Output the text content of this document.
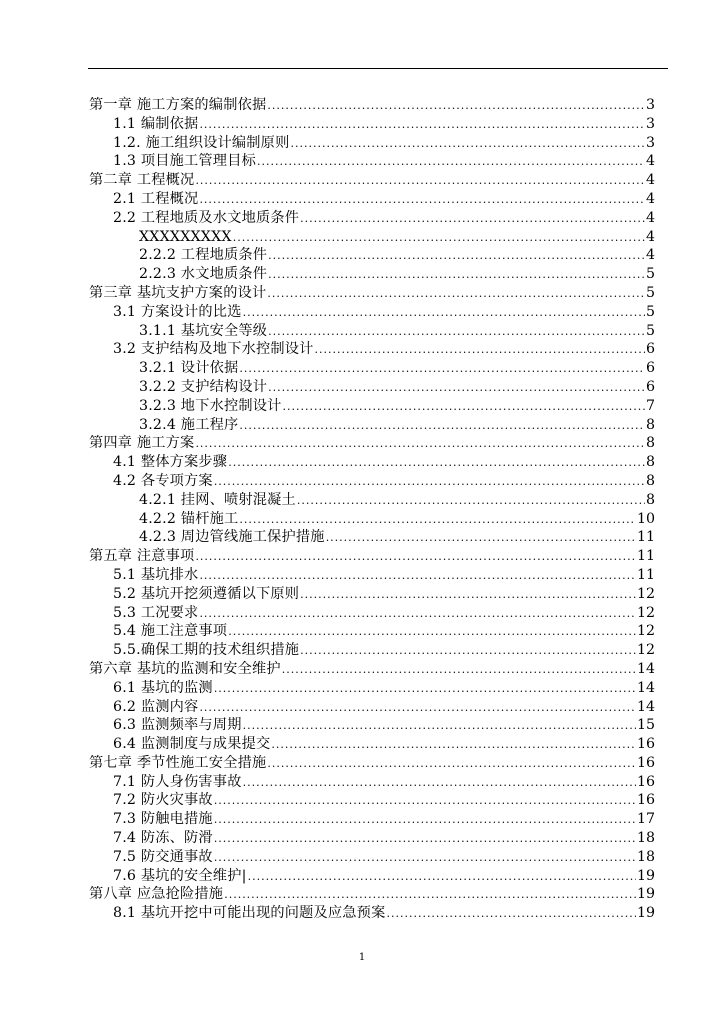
第一章 施工方案的编制依据 .....	3
1.1 编制依据 .....	3
1.2. 施工组织设计编制原则 .....	3
1.3 项目施工管理目标 .....	4
第二章 工程概况 .....	4
2.1 工程概况 .....	4
2.2 工程地质及水文地质条件 .....	4
XXXXXXXXX .....	4
2.2.2 工程地质条件 .....	4
2.2.3 水文地质条件 .....	5
第三章 基坑支护方案的设计 .....	5
3.1 方案设计的比选 .....	5
3.1.1 基坑安全等级 .....	5
3.2 支护结构及地下水控制设计 .....	6
3.2.1 设计依据 .....	6
3.2.2 支护结构设计 .....	6
3.2.3 地下水控制设计 .....	7
3.2.4 施工程序 .....	8
第四章 施工方案 .....	8
4.1 整体方案步骤 .....	8
4.2 各专项方案 .....	8
4.2.1 挂网、喷射混凝土 .....	8
4.2.2 锚杆施工 .....	10
4.2.3 周边管线施工保护措施 .....	11
第五章 注意事项 .....	11
5.1 基坑排水 .....	11
5.2 基坑开挖须遵循以下原则 .....	12
5.3 工况要求 .....	12
5.4 施工注意事项 .....	12
5.5.确保工期的技术组织措施 .....	12
第六章 基坑的监测和安全维护 .....	14
6.1 基坑的监测 .....	14
6.2 监测内容 .....	14
6.3 监测频率与周期 .....	15
6.4 监测制度与成果提交 .....	16
第七章 季节性施工安全措施 .....	16
7.1 防人身伤害事故 .....	16
7.2 防火灾事故 .....	16
7.3 防触电措施 .....	17
7.4 防冻、防滑 .....	18
7.5 防交通事故 .....	18
7.6 基坑的安全维护| .....	19
第八章 应急抢险措施 .....	19
8.1 基坑开挖中可能出现的问题及应急预案 .....	19
1
